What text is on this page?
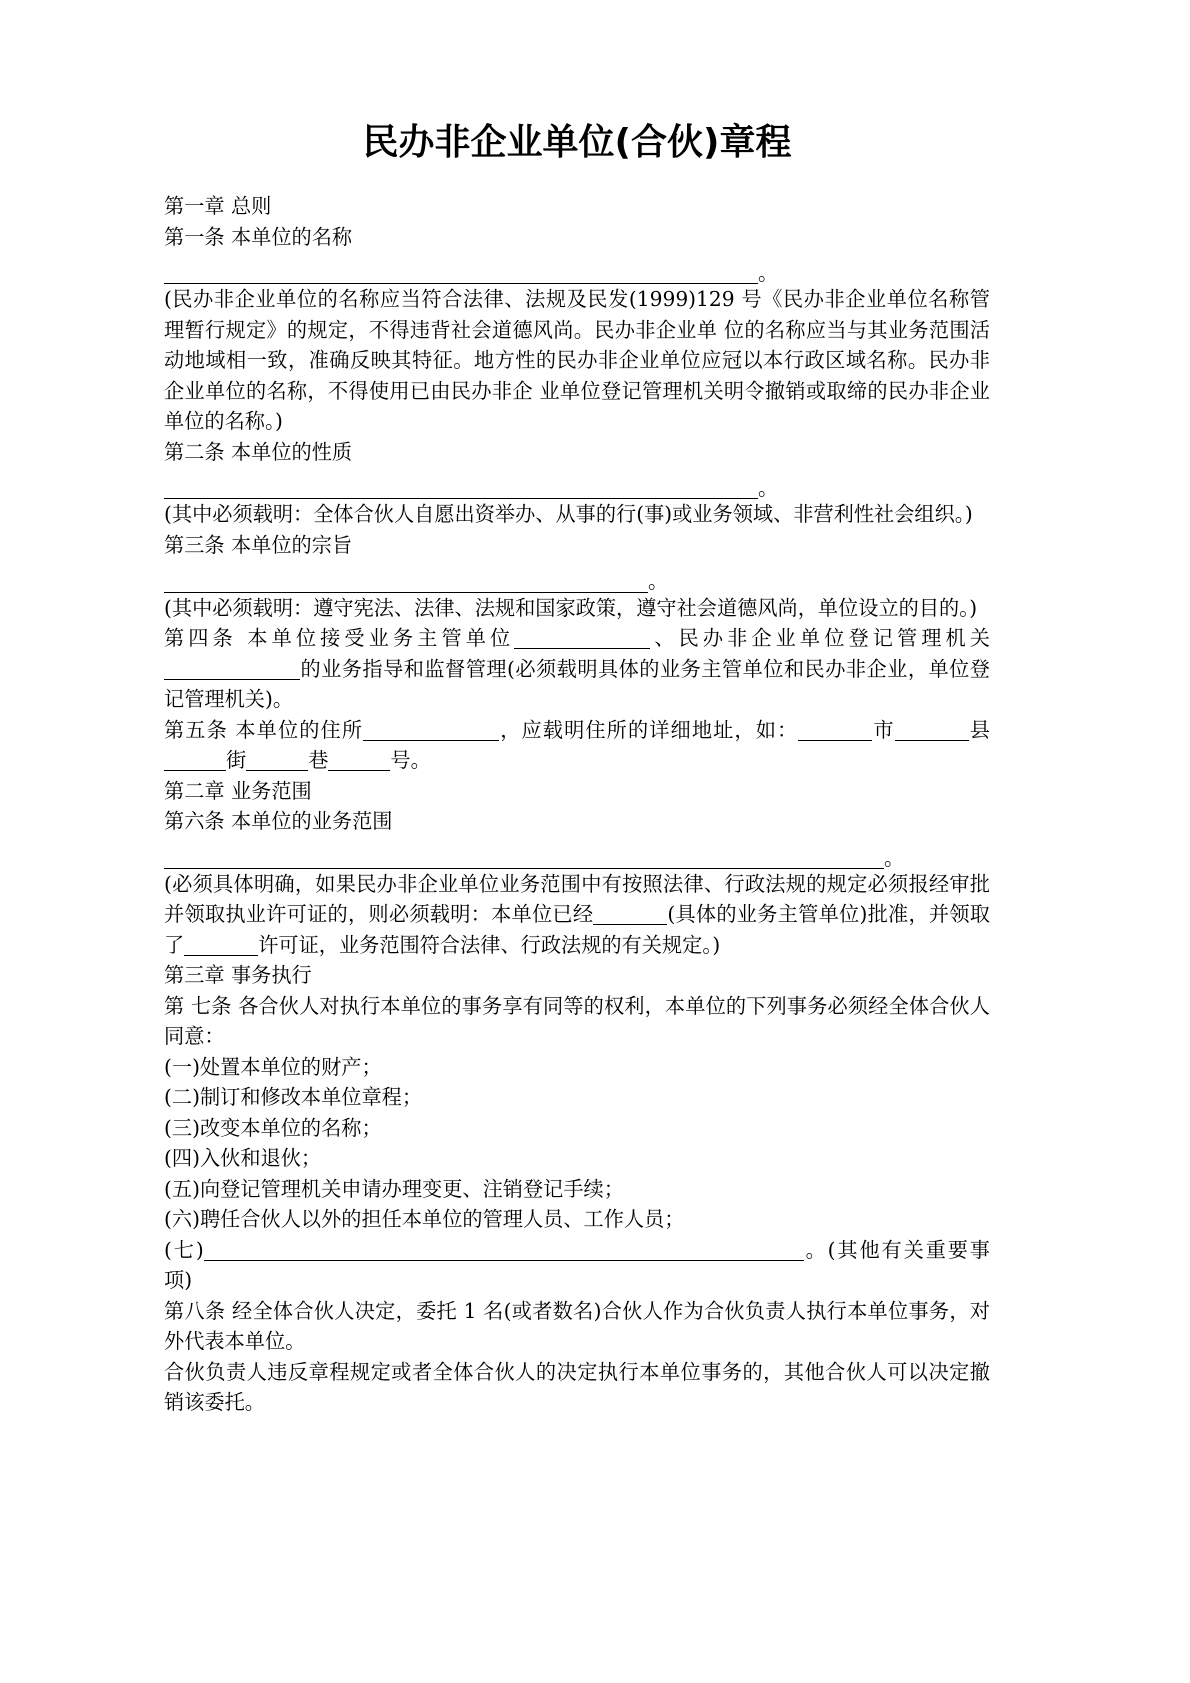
民办非企业单位(合伙)章程

第一章 总则

第一条 本单位的名称

。

(民办非企业单位的名称应当符合法律、法规及民发(1999)129 号《民办非企业单位名称管理暂行规定》的规定，不得违背社会道德风尚。民办非企业单 位的名称应当与其业务范围活动地域相一致，准确反映其特征。地方性的民办非企业单位应冠以本行政区域名称。民办非企业单位的名称，不得使用已由民办非企 业单位登记管理机关明令撤销或取缔的民办非企业单位的名称。)

第二条 本单位的性质

。

(其中必须载明：全体合伙人自愿出资举办、从事的行(事)或业务领域、非营利性社会组织。)

第三条 本单位的宗旨

。

(其中必须载明：遵守宪法、法律、法规和国家政策，遵守社会道德风尚，单位设立的目的。)

第四条 本单位接受业务主管单位	、民办非企业单位登记管理机关的业务指导和监督管理(必须载明具体的业务主管单位和民办非企业，单位登记管理机关)。

第五条 本单位的住所	，应载明住所的详细地址，如：	市	县街	巷	号。

第二章 业务范围

第六条 本单位的业务范围

。

(必须具体明确，如果民办非企业单位业务范围中有按照法律、行政法规的规定必须报经审批并领取执业许可证的，则必须载明：本单位已经	(具体的业务主管单位)批准，并领取了	许可证，业务范围符合法律、行政法规的有关规定。)

第三章 事务执行

第 七条 各合伙人对执行本单位的事务享有同等的权利，本单位的下列事务必须经全体合伙人同意：

(一)处置本单位的财产；

(二)制订和修改本单位章程；

(三)改变本单位的名称；

(四)入伙和退伙；

(五)向登记管理机关申请办理变更、注销登记手续；

(六)聘任合伙人以外的担任本单位的管理人员、工作人员；

(七)	。(其他有关重要事项)

第八条 经全体合伙人决定，委托 1 名(或者数名)合伙人作为合伙负责人执行本单位事务，对外代表本单位。

合伙负责人违反章程规定或者全体合伙人的决定执行本单位事务的，其他合伙人可以决定撤销该委托。
